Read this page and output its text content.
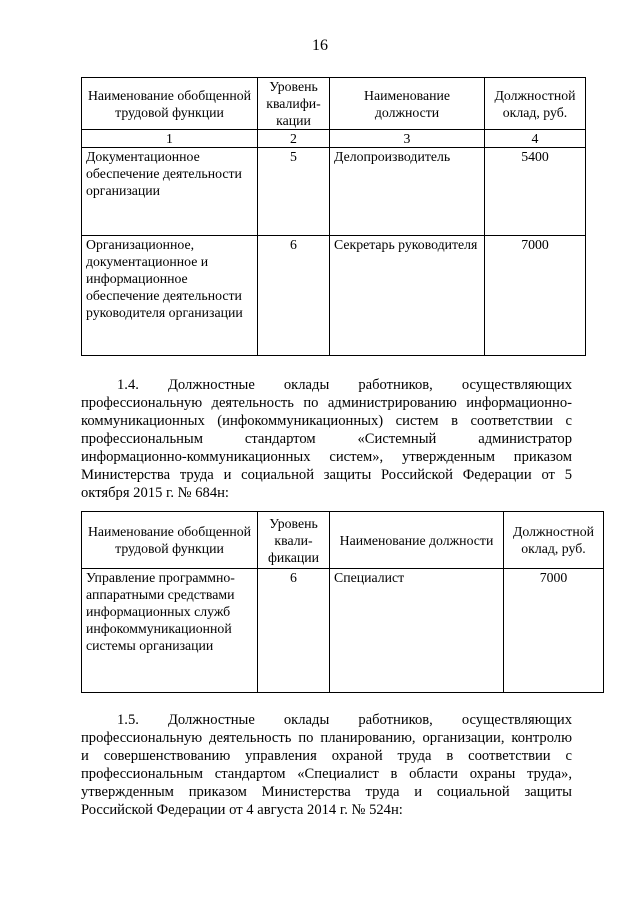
16
Наименование обобщенной трудовой функции	Уровень квалифи-кации	Наименование должности	Должностной оклад, руб.
1	2	3	4
Документационное обеспечение деятельности организации	5	Делопроизводитель	5400
Организационное, документационное и информационное обеспечение деятельности руководителя организации	6	Секретарь руководителя	7000

1.4. Должностные оклады работников, осуществляющих
профессиональную деятельность по администрированию информационно-
коммуникационных (инфокоммуникационных) систем в соответствии с
профессиональным стандартом «Системный администратор
информационно-коммуникационных систем», утвержденным приказом
Министерства труда и социальной защиты Российской Федерации от 5
октября 2015 г. № 684н:

Наименование обобщенной трудовой функции	Уровень квали-фикации	Наименование должности	Должностной оклад, руб.
Управление программно-аппаратными средствами информационных служб инфокоммуникационной системы организации	6	Специалист	7000

1.5. Должностные оклады работников, осуществляющих
профессиональную деятельность по планированию, организации, контролю
и совершенствованию управления охраной труда в соответствии с
профессиональным стандартом «Специалист в области охраны труда»,
утвержденным приказом Министерства труда и социальной защиты
Российской Федерации от 4 августа 2014 г. № 524н:
